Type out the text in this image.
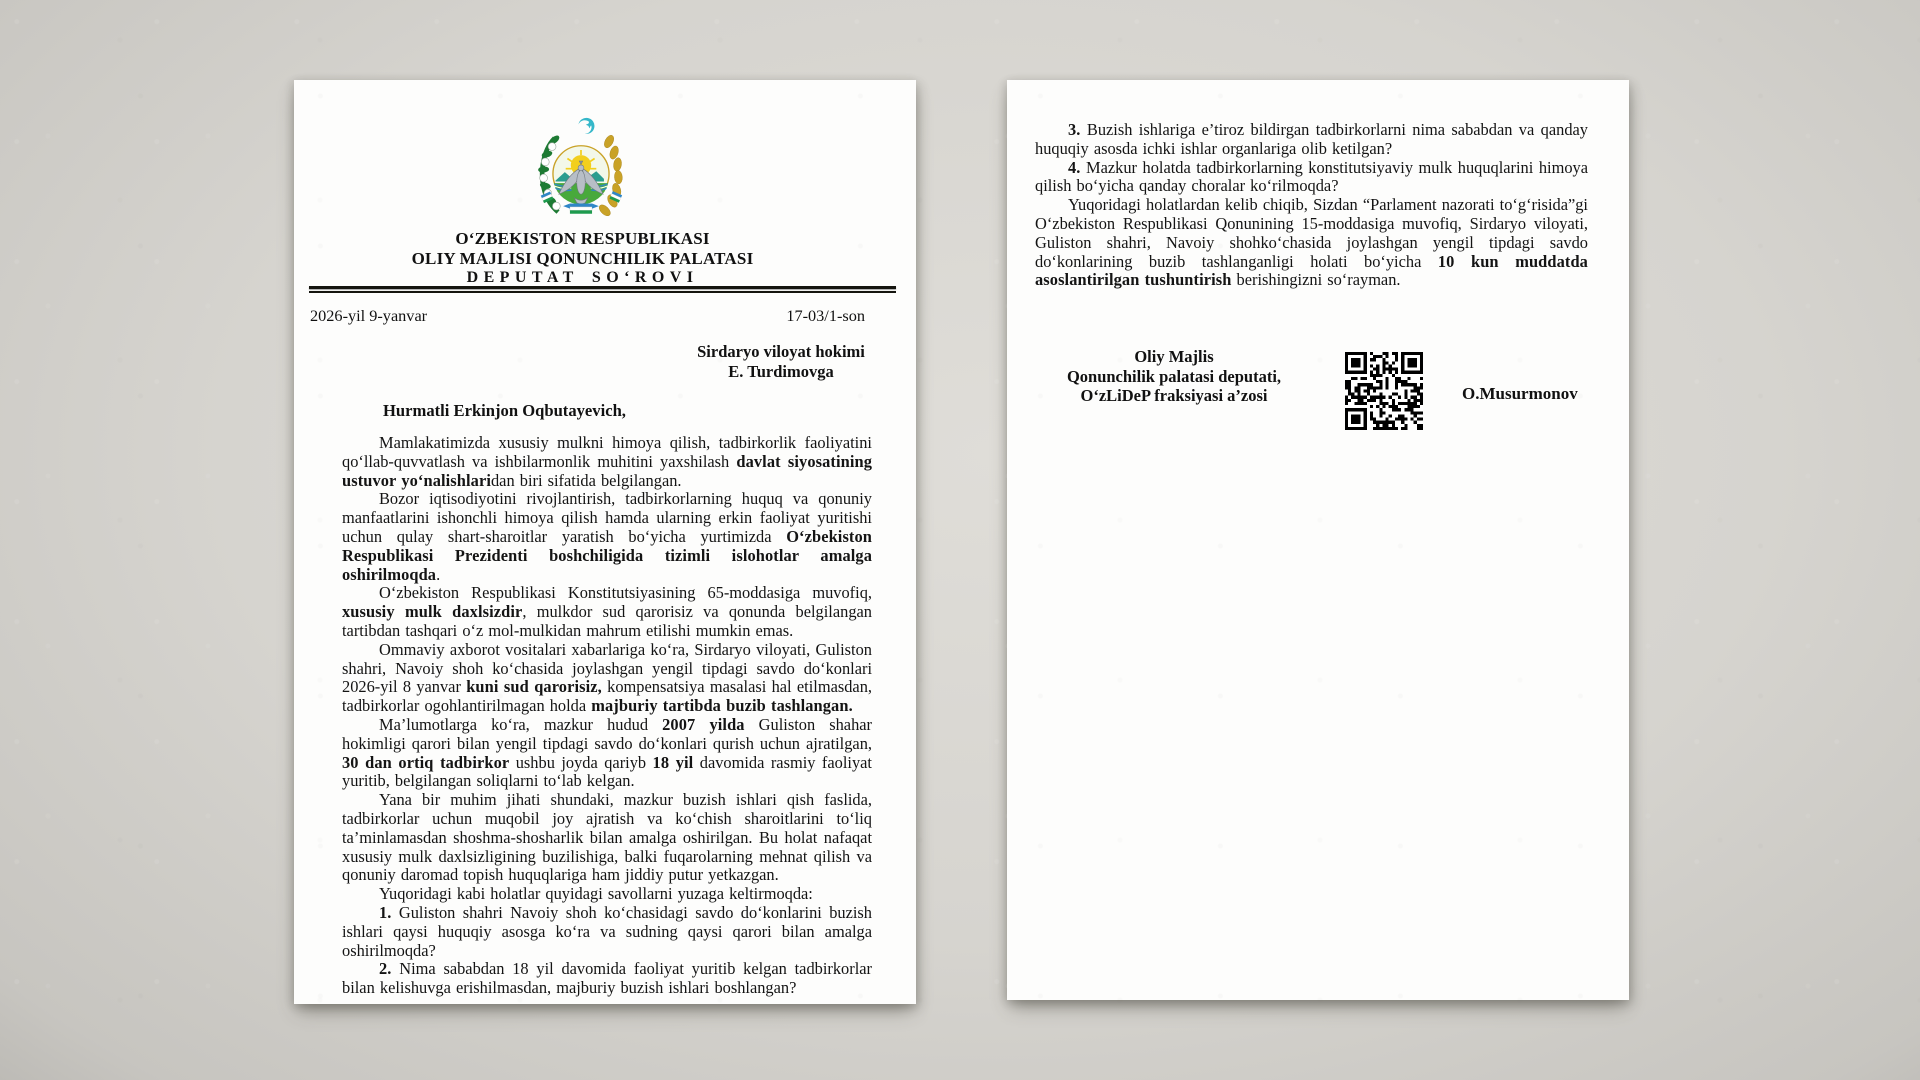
O‘ZBEKISTON RESPUBLIKASI
OLIY MAJLISI QONUNCHILIK PALATASI
DEPUTAT SO‘ROVI
2026-yil 9-yanvar	17-03/1-son
Sirdaryo viloyat hokimi
E. Turdimovga
Hurmatli Erkinjon Oqbutayevich,

Mamlakatimizda xususiy mulkni himoya qilish, tadbirkorlik faoliyatini qo‘llab-quvvatlash va ishbilarmonlik muhitini yaxshilash davlat siyosatining ustuvor yo‘nalishlaridan biri sifatida belgilangan.

Bozor iqtisodiyotini rivojlantirish, tadbirkorlarning huquq va qonuniy manfaatlarini ishonchli himoya qilish hamda ularning erkin faoliyat yuritishi uchun qulay shart-sharoitlar yaratish bo‘yicha yurtimizda O‘zbekiston Respublikasi Prezidenti boshchiligida tizimli islohotlar amalga oshirilmoqda.

O‘zbekiston Respublikasi Konstitutsiyasining 65-moddasiga muvofiq, xususiy mulk daxlsizdir, mulkdor sud qarorisiz va qonunda belgilangan tartibdan tashqari o‘z mol-mulkidan mahrum etilishi mumkin emas.

Ommaviy axborot vositalari xabarlariga ko‘ra, Sirdaryo viloyati, Guliston shahri, Navoiy shoh ko‘chasida joylashgan yengil tipdagi savdo do‘konlari 2026-yil 8 yanvar kuni sud qarorisiz, kompensatsiya masalasi hal etilmasdan, tadbirkorlar ogohlantirilmagan holda majburiy tartibda buzib tashlangan.

Ma’lumotlarga ko‘ra, mazkur hudud 2007 yilda Guliston shahar hokimligi qarori bilan yengil tipdagi savdo do‘konlari qurish uchun ajratilgan, 30 dan ortiq tadbirkor ushbu joyda qariyb 18 yil davomida rasmiy faoliyat yuritib, belgilangan soliqlarni to‘lab kelgan.

Yana bir muhim jihati shundaki, mazkur buzish ishlari qish faslida, tadbirkorlar uchun muqobil joy ajratish va ko‘chish sharoitlarini to‘liq ta’minlamasdan shoshma-shosharlik bilan amalga oshirilgan. Bu holat nafaqat xususiy mulk daxlsizligining buzilishiga, balki fuqarolarning mehnat qilish va qonuniy daromad topish huquqlariga ham jiddiy putur yetkazgan.

Yuqoridagi kabi holatlar quyidagi savollarni yuzaga keltirmoqda:

1. Guliston shahri Navoiy shoh ko‘chasidagi savdo do‘konlarini buzish ishlari qaysi huquqiy asosga ko‘ra va sudning qaysi qarori bilan amalga oshirilmoqda?

2. Nima sababdan 18 yil davomida faoliyat yuritib kelgan tadbirkorlar bilan kelishuvga erishilmasdan, majburiy buzish ishlari boshlangan?

3. Buzish ishlariga e’tiroz bildirgan tadbirkorlarni nima sababdan va qanday huquqiy asosda ichki ishlar organlariga olib ketilgan?

4. Mazkur holatda tadbirkorlarning konstitutsiyaviy mulk huquqlarini himoya qilish bo‘yicha qanday choralar ko‘rilmoqda?

Yuqoridagi holatlardan kelib chiqib, Sizdan “Parlament nazorati to‘g‘risida”gi O‘zbekiston Respublikasi Qonunining 15-moddasiga muvofiq, Sirdaryo viloyati, Guliston shahri, Navoiy shohko‘chasida joylashgan yengil tipdagi savdo do‘konlarining buzib tashlanganligi holati bo‘yicha 10 kun muddatda asoslantirilgan tushuntirish berishingizni so‘rayman.

Oliy Majlis
Qonunchilik palatasi deputati,
O‘zLiDeP fraksiyasi a’zosi	O.Musurmonov
